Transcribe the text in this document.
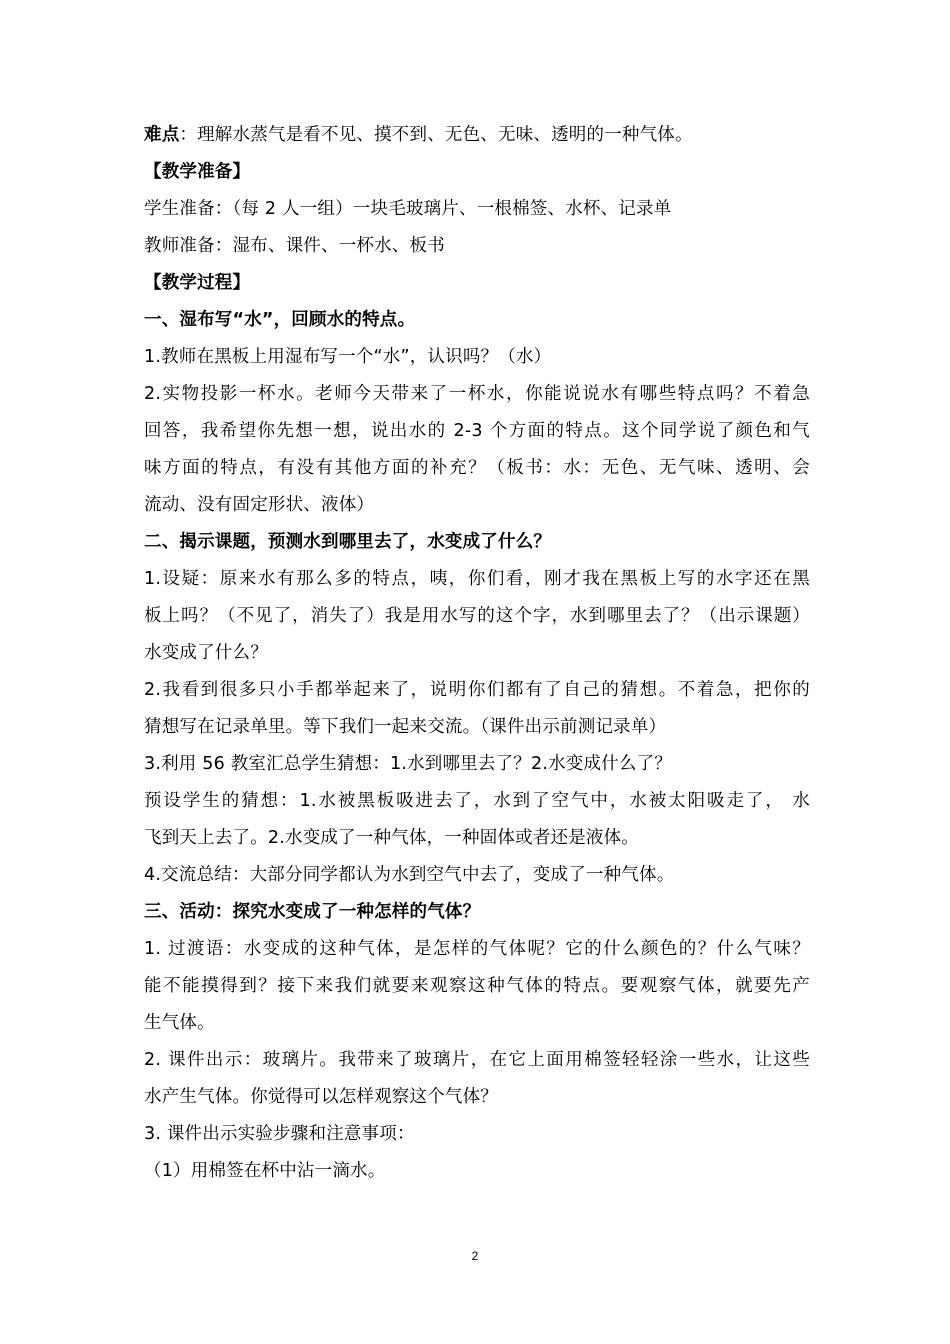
难点：理解水蒸气是看不见、摸不到、无色、无味、透明的一种气体。
【教学准备】
学生准备：（每 2 人一组）一块毛玻璃片、一根棉签、水杯、记录单
教师准备：湿布、课件、一杯水、板书
【教学过程】
一、湿布写“水”，回顾水的特点。
1.教师在黑板上用湿布写一个“水”，认识吗？（水）
2.实物投影一杯水。老师今天带来了一杯水，你能说说水有哪些特点吗？不着急
回答，我希望你先想一想，说出水的 2-3 个方面的特点。这个同学说了颜色和气
味方面的特点，有没有其他方面的补充？（板书：水：无色、无气味、透明、会
流动、没有固定形状、液体）
二、揭示课题，预测水到哪里去了，水变成了什么？
1.设疑：原来水有那么多的特点，咦，你们看，刚才我在黑板上写的水字还在黑
板上吗？（不见了，消失了）我是用水写的这个字，水到哪里去了？（出示课题）
水变成了什么？
2.我看到很多只小手都举起来了，说明你们都有了自己的猜想。不着急，把你的
猜想写在记录单里。等下我们一起来交流。（课件出示前测记录单）
3.利用 56 教室汇总学生猜想：1.水到哪里去了？2.水变成什么了？
预设学生的猜想：1.水被黑板吸进去了，水到了空气中，水被太阳吸走了， 水
飞到天上去了。2.水变成了一种气体，一种固体或者还是液体。
4.交流总结：大部分同学都认为水到空气中去了，变成了一种气体。
三、活动：探究水变成了一种怎样的气体？
1. 过渡语：水变成的这种气体，是怎样的气体呢？它的什么颜色的？什么气味？
能不能摸得到？接下来我们就要来观察这种气体的特点。要观察气体，就要先产
生气体。
2. 课件出示：玻璃片。我带来了玻璃片，在它上面用棉签轻轻涂一些水，让这些
水产生气体。你觉得可以怎样观察这个气体？
3. 课件出示实验步骤和注意事项：
（1）用棉签在杯中沾一滴水。
2
